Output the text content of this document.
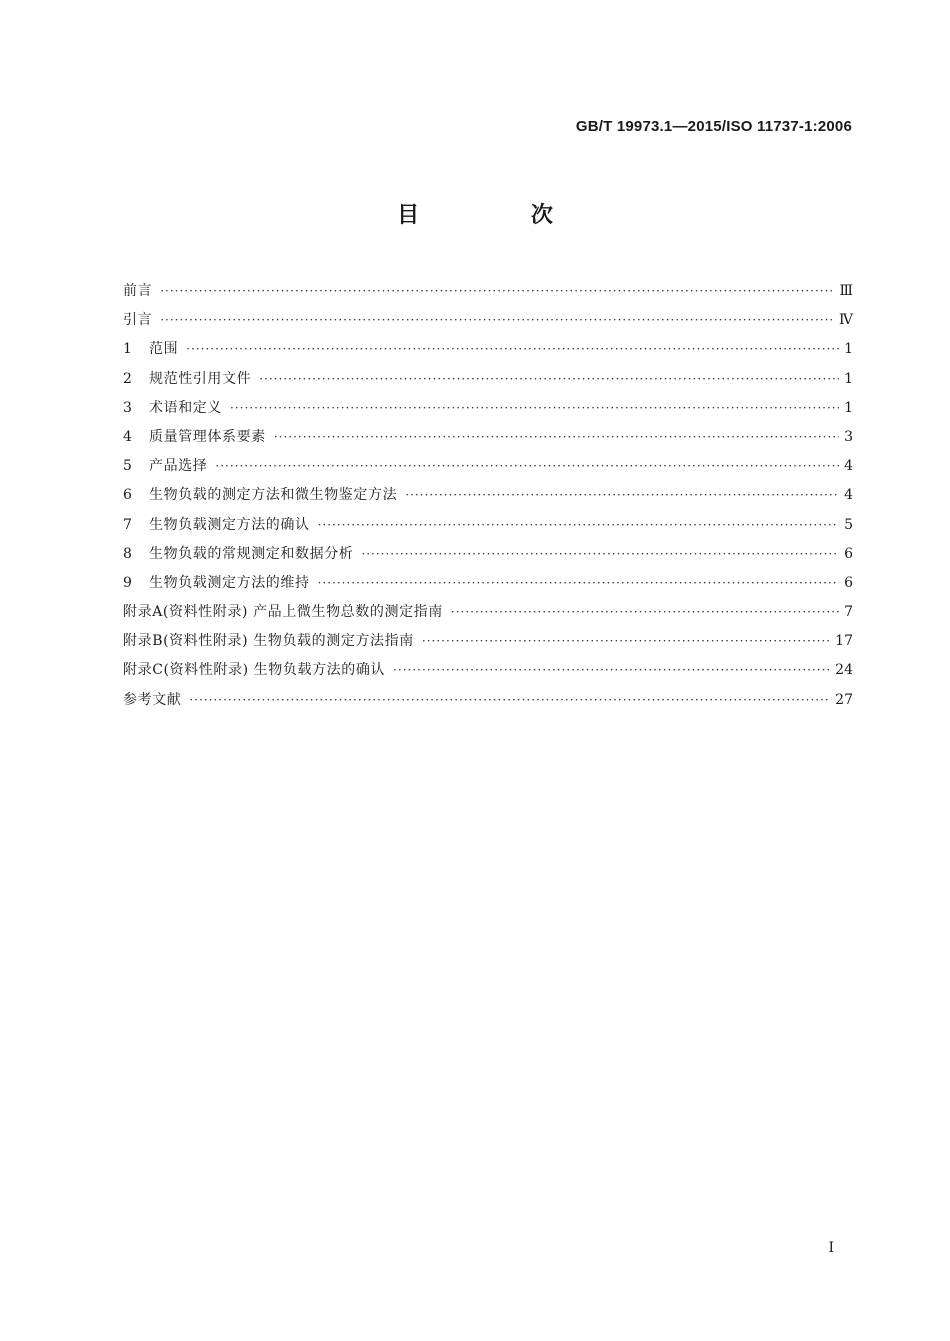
GB/T 19973.1—2015/ISO 11737-1:2006
目 次
前言 ·····	Ⅲ
引言 ·····	Ⅳ
1	范围 ·····	1
2	规范性引用文件 ·····	1
3	术语和定义 ·····	1
4	质量管理体系要素 ·····	3
5	产品选择 ·····	4
6	生物负载的测定方法和微生物鉴定方法 ·····	4
7	生物负载测定方法的确认 ·····	5
8	生物负载的常规测定和数据分析 ·····	6
9	生物负载测定方法的维持 ·····	6
附录A(资料性附录) 产品上微生物总数的测定指南 ·····	7
附录B(资料性附录) 生物负载的测定方法指南 ·····	17
附录C(资料性附录) 生物负载方法的确认 ·····	24
参考文献 ·····	27
I
